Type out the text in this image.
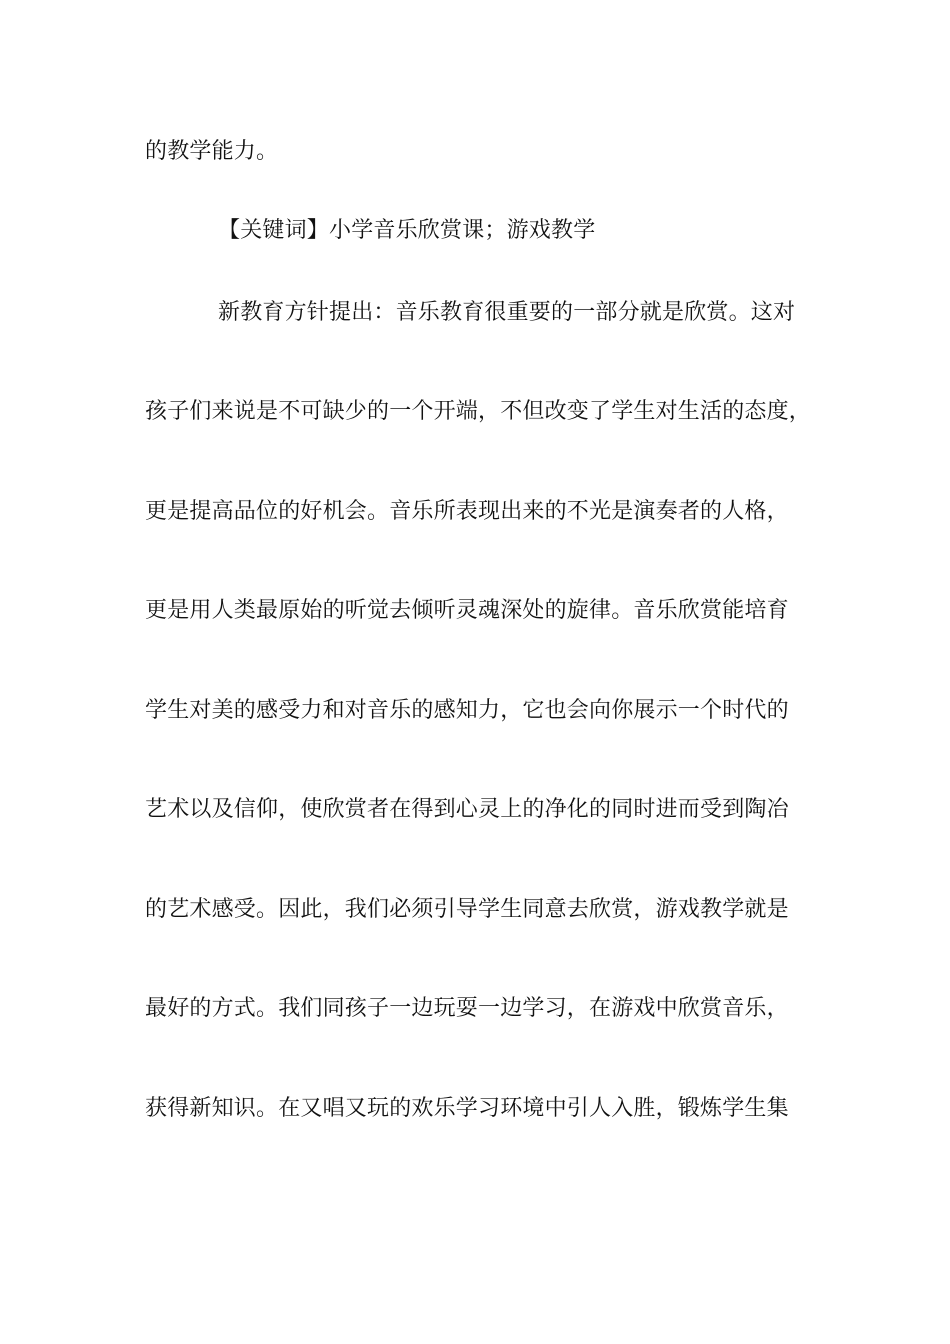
的教学能力。
【关键词】小学音乐欣赏课；游戏教学
新教育方针提出：音乐教育很重要的一部分就是欣赏。这对
孩子们来说是不可缺少的一个开端，不但改变了学生对生活的态度，
更是提高品位的好机会。音乐所表现出来的不光是演奏者的人格，
更是用人类最原始的听觉去倾听灵魂深处的旋律。音乐欣赏能培育
学生对美的感受力和对音乐的感知力，它也会向你展示一个时代的
艺术以及信仰，使欣赏者在得到心灵上的净化的同时进而受到陶冶
的艺术感受。因此，我们必须引导学生同意去欣赏，游戏教学就是
最好的方式。我们同孩子一边玩耍一边学习，在游戏中欣赏音乐，
获得新知识。在又唱又玩的欢乐学习环境中引人入胜，锻炼学生集
